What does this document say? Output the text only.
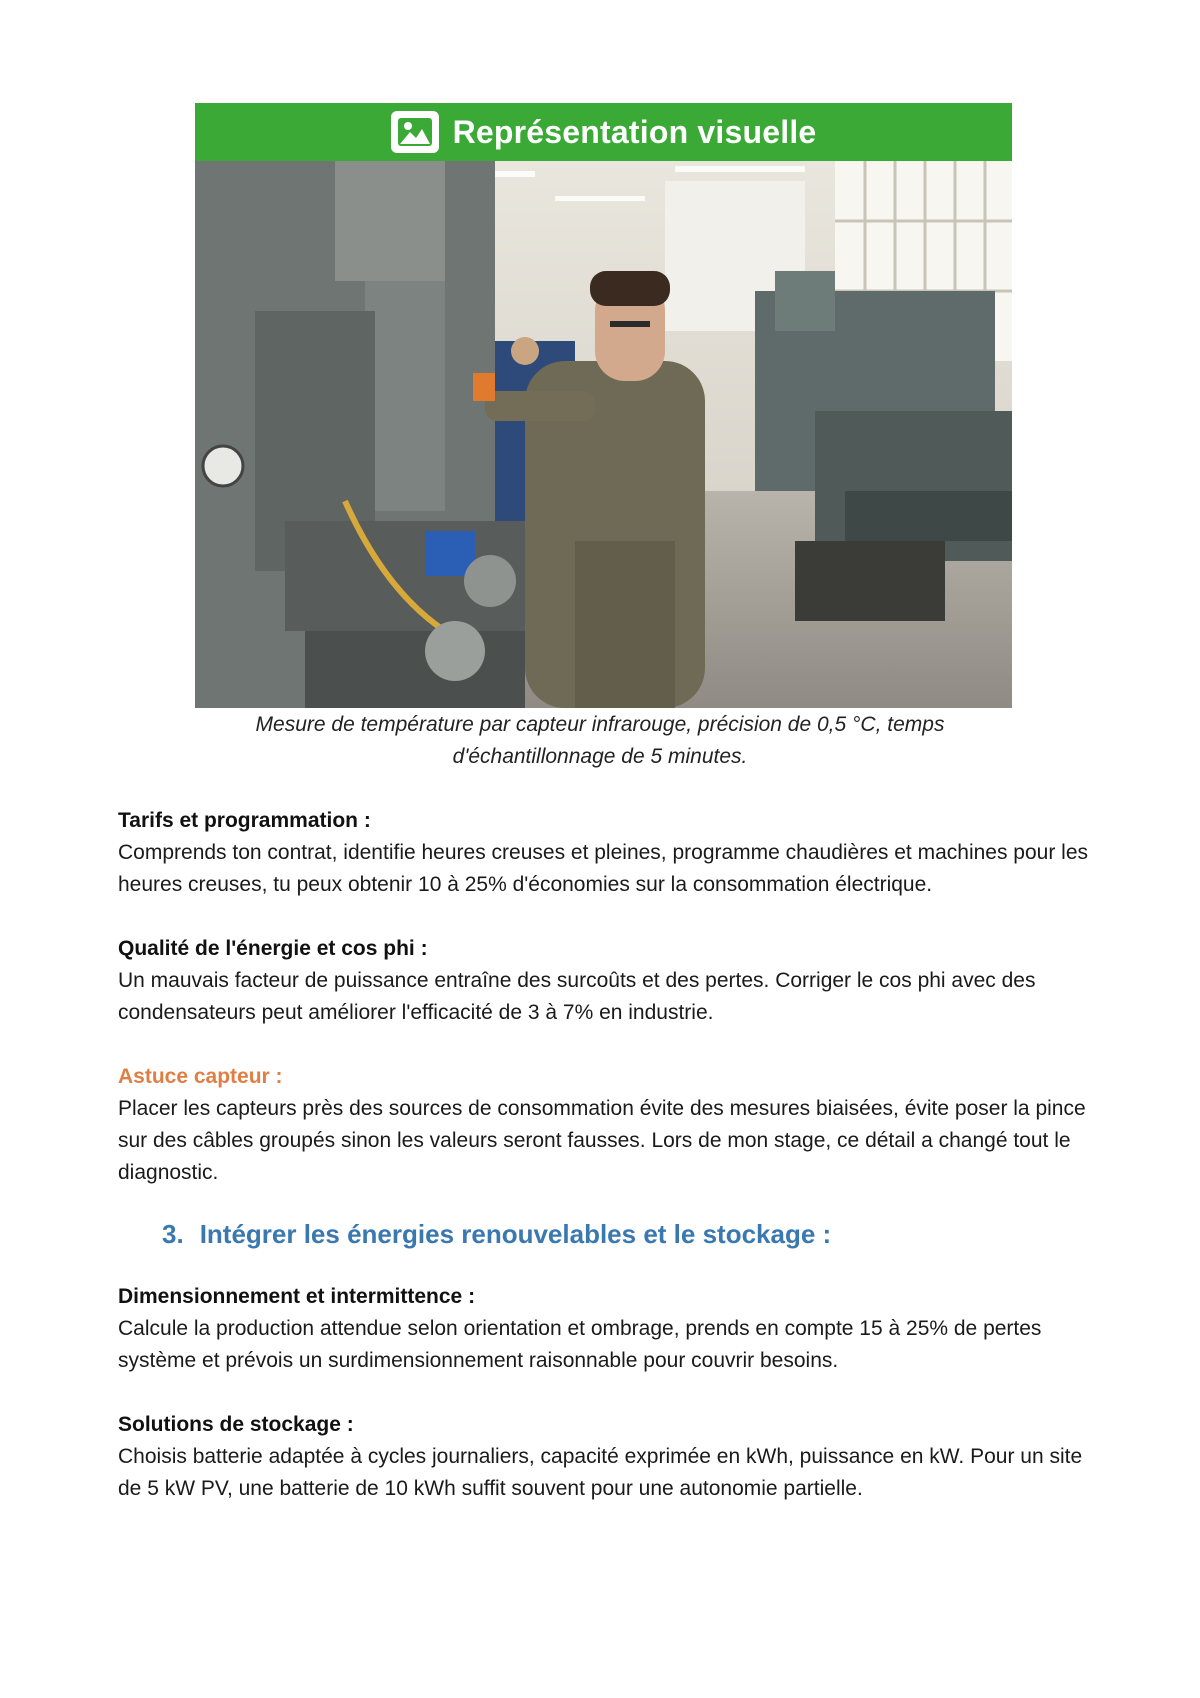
Représentation visuelle
Mesure de température par capteur infrarouge, précision de 0,5 °C, temps d'échantillonnage de 5 minutes.
Tarifs et programmation :
Comprends ton contrat, identifie heures creuses et pleines, programme chaudières et machines pour les heures creuses, tu peux obtenir 10 à 25% d'économies sur la consommation électrique.
Qualité de l'énergie et cos phi :
Un mauvais facteur de puissance entraîne des surcoûts et des pertes. Corriger le cos phi avec des condensateurs peut améliorer l'efficacité de 3 à 7% en industrie.
Astuce capteur :
Placer les capteurs près des sources de consommation évite des mesures biaisées, évite poser la pince sur des câbles groupés sinon les valeurs seront fausses. Lors de mon stage, ce détail a changé tout le diagnostic.
3. Intégrer les énergies renouvelables et le stockage :
Dimensionnement et intermittence :
Calcule la production attendue selon orientation et ombrage, prends en compte 15 à 25% de pertes système et prévois un surdimensionnement raisonnable pour couvrir besoins.
Solutions de stockage :
Choisis batterie adaptée à cycles journaliers, capacité exprimée en kWh, puissance en kW. Pour un site de 5 kW PV, une batterie de 10 kWh suffit souvent pour une autonomie partielle.
